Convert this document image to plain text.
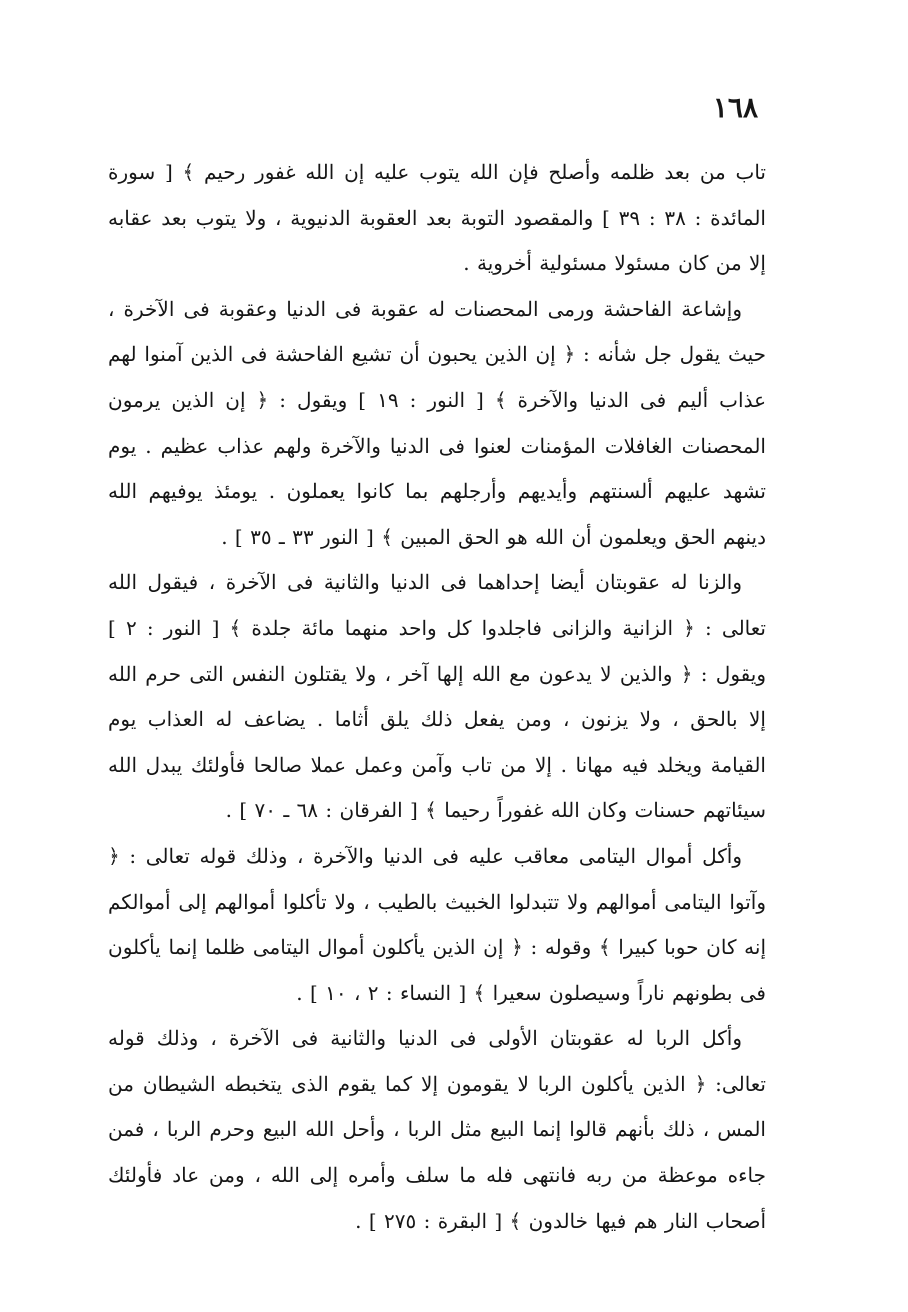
١٦٨

تاب من بعد ظلمه وأصلح فإن الله يتوب عليه إن الله غفور رحيم ﴾ [ سورة المائدة : ٣٨ : ٣٩ ] والمقصود التوبة بعد العقوبة الدنيوية ، ولا يتوب بعد عقابه إلا من كان مسئولا مسئولية أخروية .

وإشاعة الفاحشة ورمى المحصنات له عقوبة فى الدنيا وعقوبة فى الآخرة ، حيث يقول جل شأنه : ﴿ إن الذين يحبون أن تشيع الفاحشة فى الذين آمنوا لهم عذاب أليم فى الدنيا والآخرة ﴾ [ النور : ١٩ ] ويقول : ﴿ إن الذين يرمون المحصنات الغافلات المؤمنات لعنوا فى الدنيا والآخرة ولهم عذاب عظيم . يوم تشهد عليهم ألسنتهم وأيديهم وأرجلهم بما كانوا يعملون . يومئذ يوفيهم الله دينهم الحق ويعلمون أن الله هو الحق المبين ﴾ [ النور ٣٣ ـ ٣٥ ] .

والزنا له عقوبتان أيضا إحداهما فى الدنيا والثانية فى الآخرة ، فيقول الله تعالى : ﴿ الزانية والزانى فاجلدوا كل واحد منهما مائة جلدة ﴾ [ النور : ٢ ] ويقول : ﴿ والذين لا يدعون مع الله إلها آخر ، ولا يقتلون النفس التى حرم الله إلا بالحق ، ولا يزنون ، ومن يفعل ذلك يلق أثاما . يضاعف له العذاب يوم القيامة ويخلد فيه مهانا . إلا من تاب وآمن وعمل عملا صالحا فأولئك يبدل الله سيئاتهم حسنات وكان الله غفوراً رحيما ﴾ [ الفرقان : ٦٨ ـ ٧٠ ] .

وأكل أموال اليتامى معاقب عليه فى الدنيا والآخرة ، وذلك قوله تعالى : ﴿ وآتوا اليتامى أموالهم ولا تتبدلوا الخبيث بالطيب ، ولا تأكلوا أموالهم إلى أموالكم إنه كان حوبا كبيرا ﴾ وقوله : ﴿ إن الذين يأكلون أموال اليتامى ظلما إنما يأكلون فى بطونهم ناراً وسيصلون سعيرا ﴾ [ النساء : ٢ ، ١٠ ] .

وأكل الربا له عقوبتان الأولى فى الدنيا والثانية فى الآخرة ، وذلك قوله تعالى: ﴿ الذين يأكلون الربا لا يقومون إلا كما يقوم الذى يتخبطه الشيطان من المس ، ذلك بأنهم قالوا إنما البيع مثل الربا ، وأحل الله البيع وحرم الربا ، فمن جاءه موعظة من ربه فانتهى فله ما سلف وأمره إلى الله ، ومن عاد فأولئك أصحاب النار هم فيها خالدون ﴾ [ البقرة : ٢٧٥ ] .
